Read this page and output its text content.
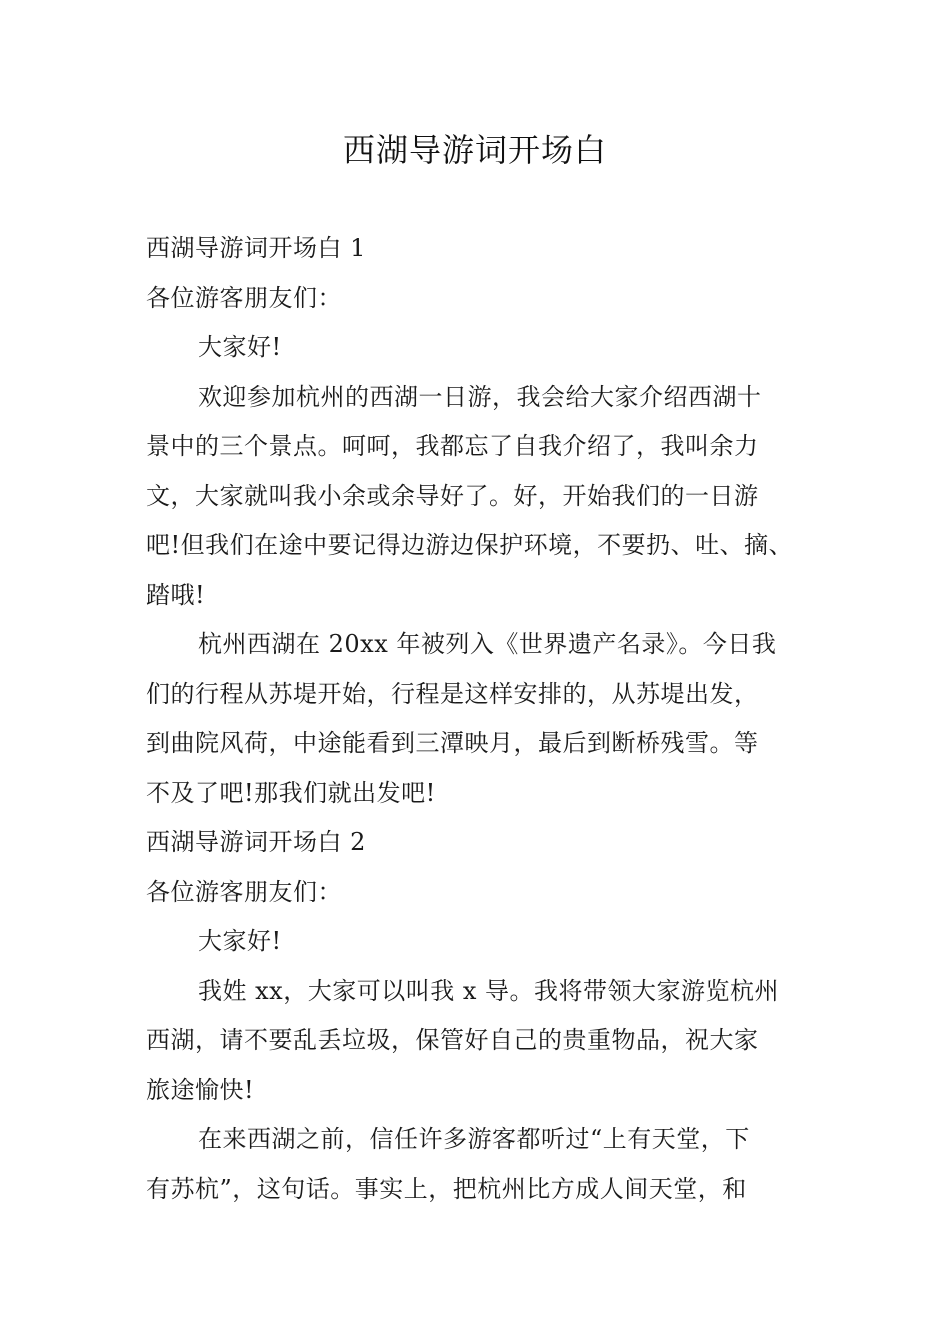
西湖导游词开场白

西湖导游词开场白 1

各位游客朋友们：

大家好!

欢迎参加杭州的西湖一日游，我会给大家介绍西湖十

景中的三个景点。呵呵，我都忘了自我介绍了，我叫余力

文，大家就叫我小余或余导好了。好，开始我们的一日游

吧!但我们在途中要记得边游边保护环境，不要扔、吐、摘、

踏哦!

杭州西湖在 20xx 年被列入《世界遗产名录》。今日我

们的行程从苏堤开始，行程是这样安排的，从苏堤出发，

到曲院风荷，中途能看到三潭映月，最后到断桥残雪。等

不及了吧!那我们就出发吧!

西湖导游词开场白 2

各位游客朋友们：

大家好!

我姓 xx，大家可以叫我 x 导。我将带领大家游览杭州

西湖，请不要乱丢垃圾，保管好自己的贵重物品，祝大家

旅途愉快!

在来西湖之前，信任许多游客都听过“上有天堂，下

有苏杭”，这句话。事实上，把杭州比方成人间天堂，和
